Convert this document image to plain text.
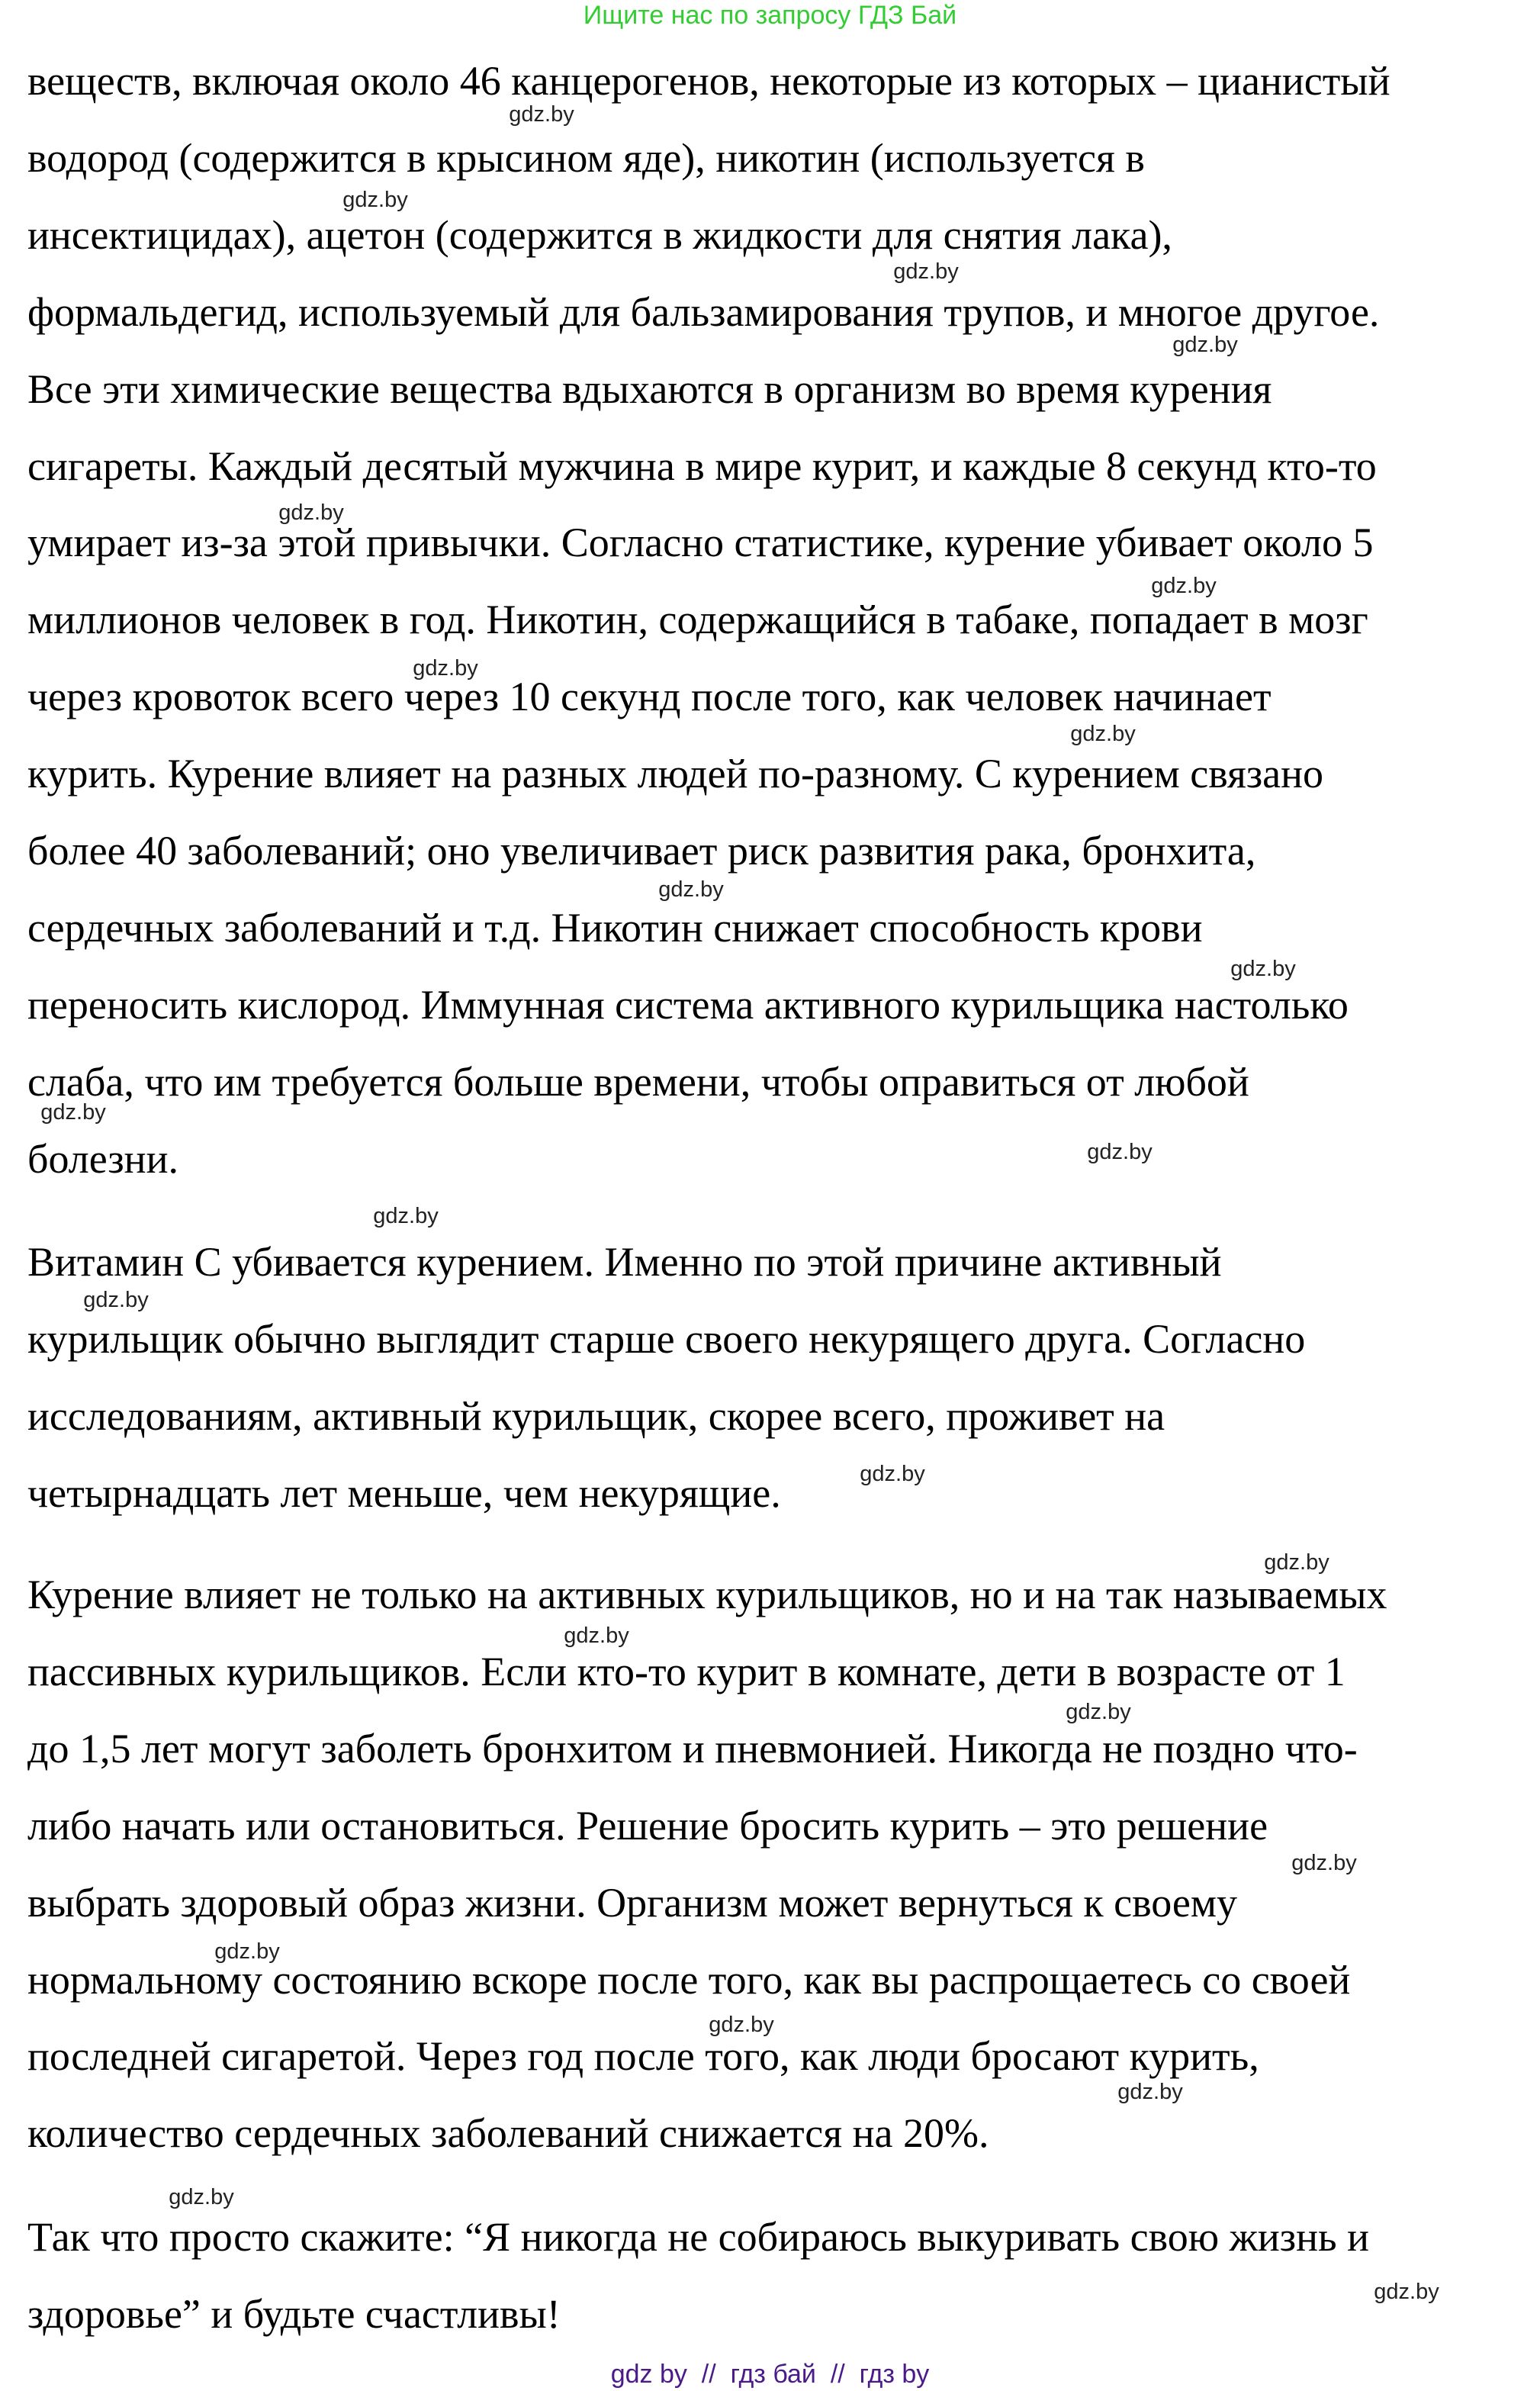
Ищите нас по запросу ГДЗ Бай
веществ, включая около 46 канцерогенов, некоторые из которых – цианистый
водород (содержится в крысином яде), никотин (используется в
инсектицидах), ацетон (содержится в жидкости для снятия лака),
формальдегид, используемый для бальзамирования трупов, и многое другое.
Все эти химические вещества вдыхаются в организм во время курения
сигареты. Каждый десятый мужчина в мире курит, и каждые 8 секунд кто-то
умирает из-за этой привычки. Согласно статистике, курение убивает около 5
миллионов человек в год. Никотин, содержащийся в табаке, попадает в мозг
через кровоток всего через 10 секунд после того, как человек начинает
курить. Курение влияет на разных людей по-разному. С курением связано
более 40 заболеваний; оно увеличивает риск развития рака, бронхита,
сердечных заболеваний и т.д. Никотин снижает способность крови
переносить кислород. Иммунная система активного курильщика настолько
слаба, что им требуется больше времени, чтобы оправиться от любой
болезни.
Витамин С убивается курением. Именно по этой причине активный
курильщик обычно выглядит старше своего некурящего друга. Согласно
исследованиям, активный курильщик, скорее всего, проживет на
четырнадцать лет меньше, чем некурящие.
Курение влияет не только на активных курильщиков, но и на так называемых
пассивных курильщиков. Если кто-то курит в комнате, дети в возрасте от 1
до 1,5 лет могут заболеть бронхитом и пневмонией. Никогда не поздно что-
либо начать или остановиться. Решение бросить курить – это решение
выбрать здоровый образ жизни. Организм может вернуться к своему
нормальному состоянию вскоре после того, как вы распрощаетесь со своей
последней сигаретой. Через год после того, как люди бросают курить,
количество сердечных заболеваний снижается на 20%.
Так что просто скажите: “Я никогда не собираюсь выкуривать свою жизнь и
здоровье” и будьте счастливы!
gdz.by
gdz.by
gdz.by
gdz.by
gdz.by
gdz.by
gdz.by
gdz.by
gdz.by
gdz.by
gdz.by
gdz.by
gdz.by
gdz.by
gdz.by
gdz.by
gdz.by
gdz.by
gdz.by
gdz.by
gdz.by
gdz.by
gdz.by
gdz.by
gdz by  //  гдз бай  //  гдз by
